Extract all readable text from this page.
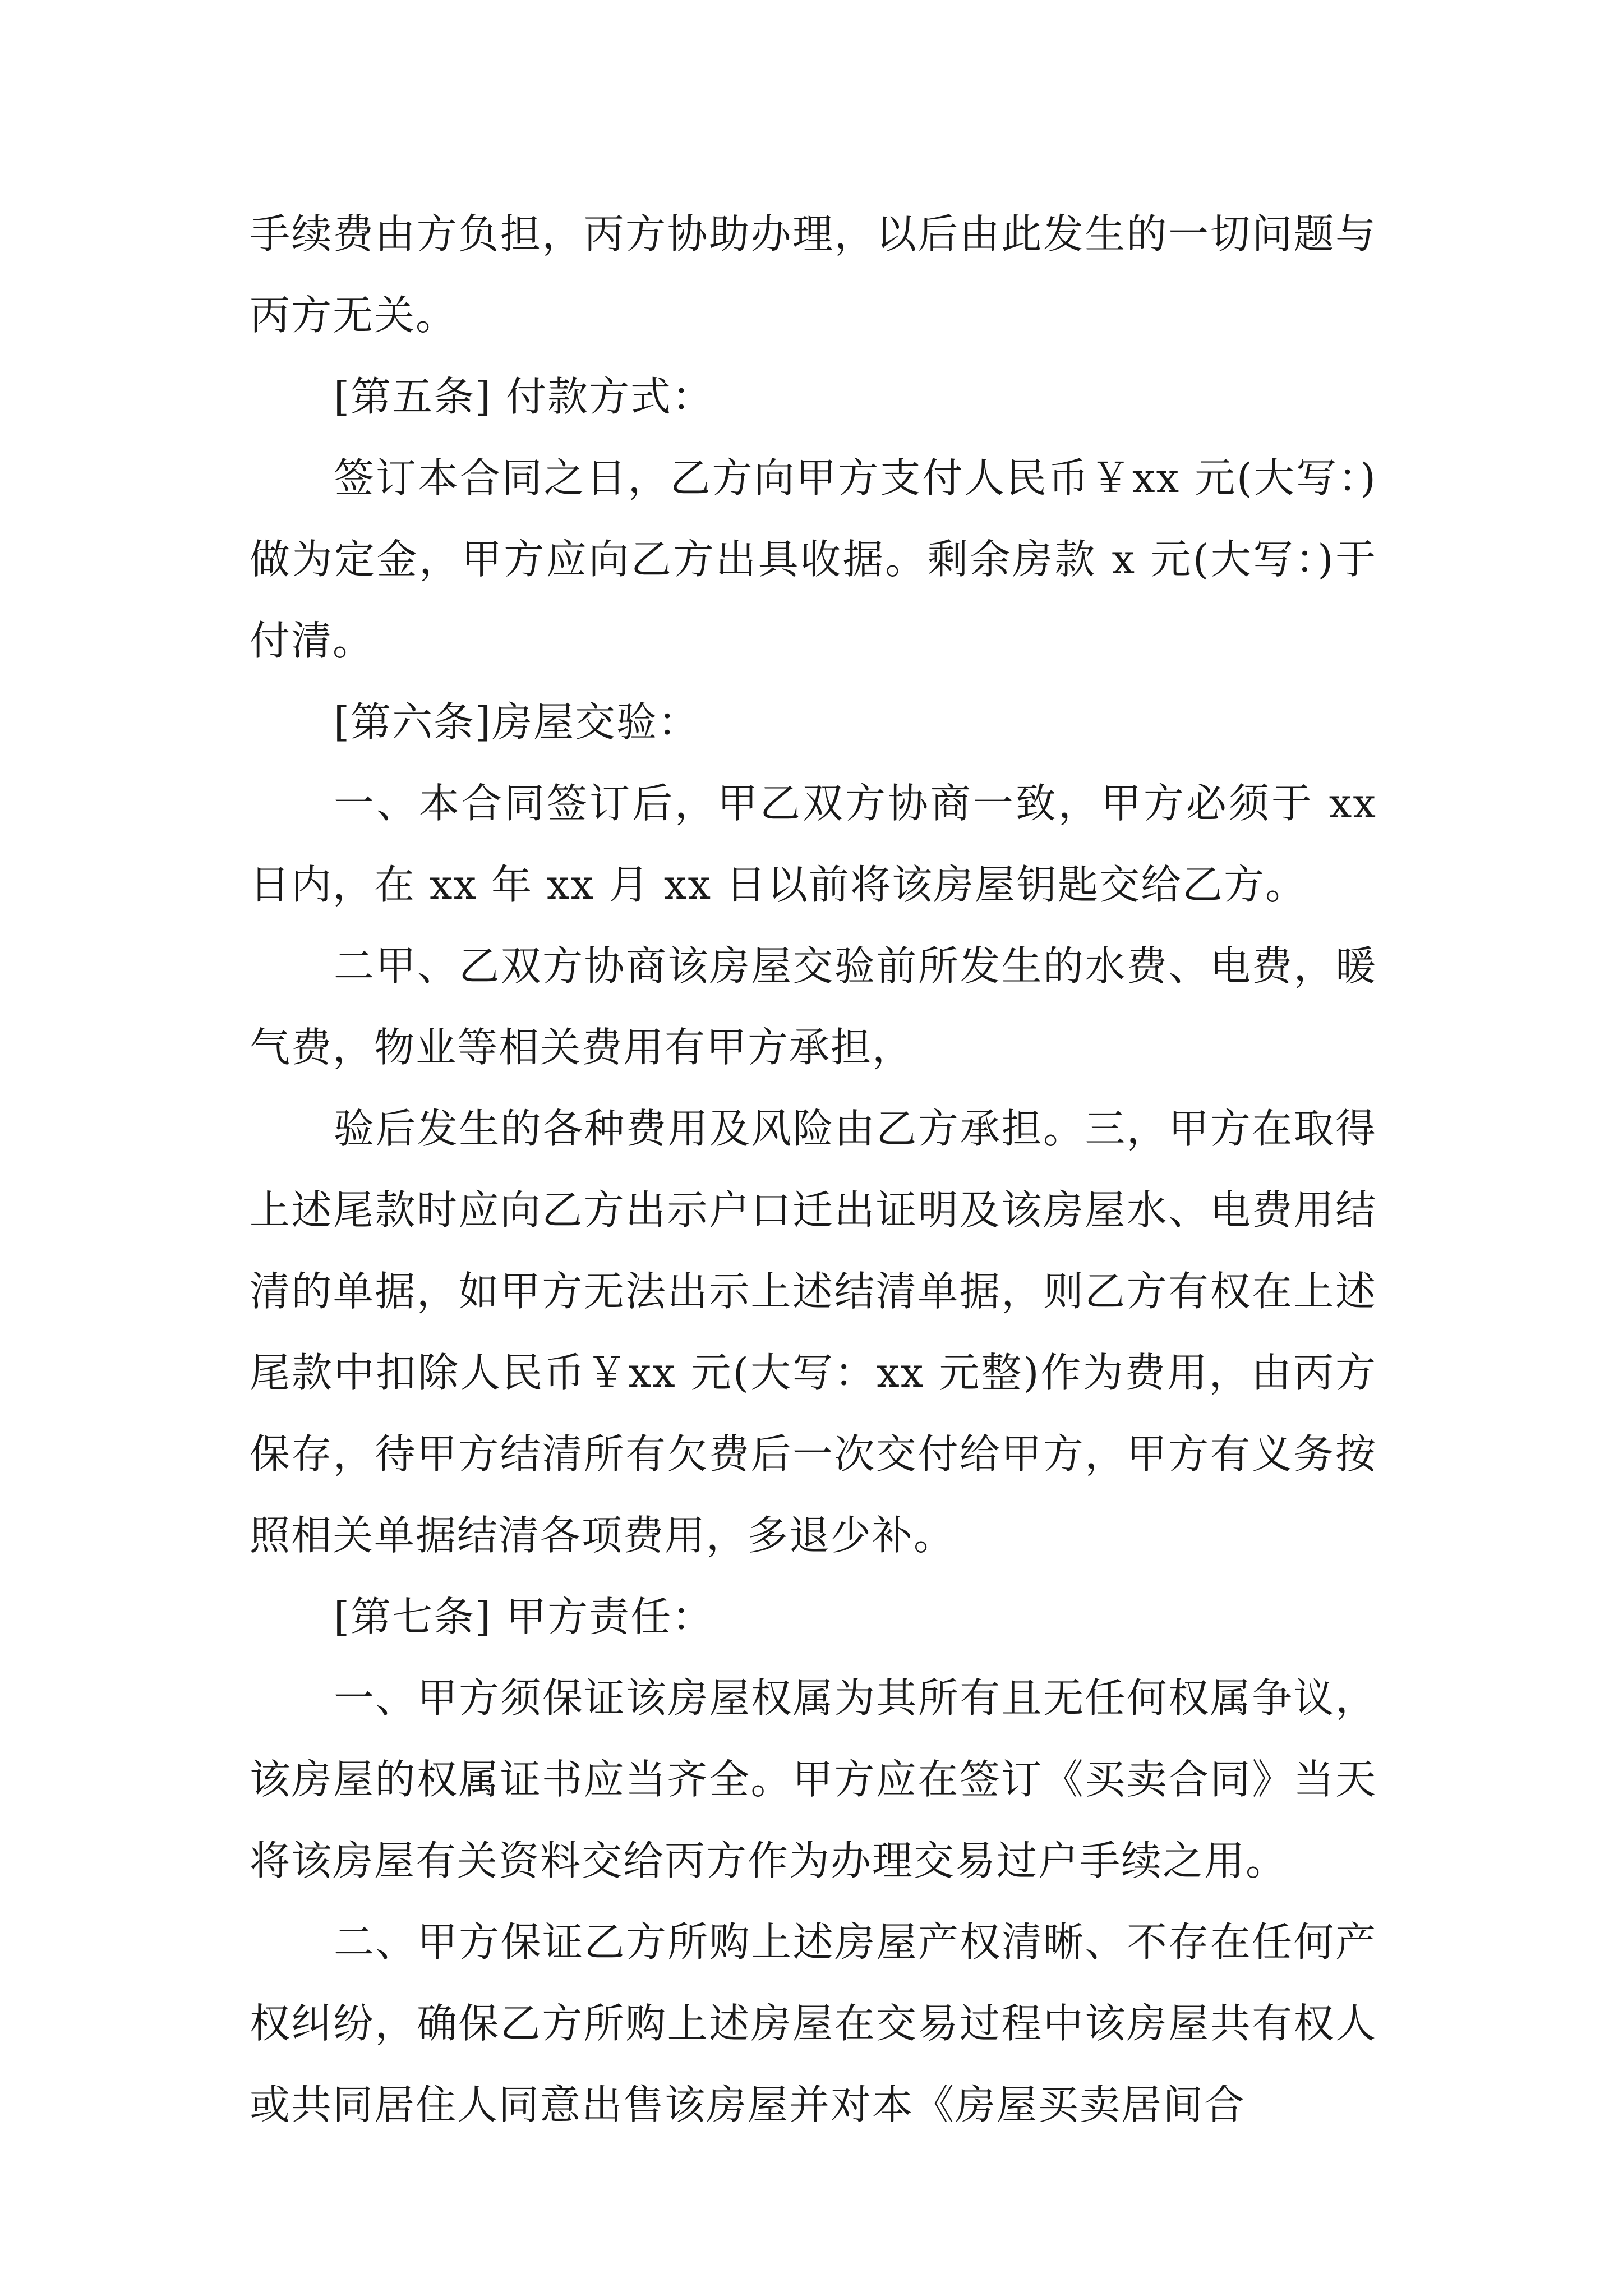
手续费由方负担，丙方协助办理，以后由此发生的一切问题与丙方无关。

[第五条] 付款方式：

签订本合同之日，乙方向甲方支付人民币￥xx 元(大写：)做为定金，甲方应向乙方出具收据。剩余房款 x 元(大写：)于付清。

[第六条]房屋交验：

一、本合同签订后，甲乙双方协商一致，甲方必须于 xx 日内，在 xx 年 xx 月 xx 日以前将该房屋钥匙交给乙方。

二甲、乙双方协商该房屋交验前所发生的水费、电费，暖气费，物业等相关费用有甲方承担，

验后发生的各种费用及风险由乙方承担。三，甲方在取得上述尾款时应向乙方出示户口迁出证明及该房屋水、电费用结清的单据，如甲方无法出示上述结清单据，则乙方有权在上述尾款中扣除人民币￥xx 元(大写：xx 元整)作为费用，由丙方保存，待甲方结清所有欠费后一次交付给甲方，甲方有义务按照相关单据结清各项费用，多退少补。

[第七条] 甲方责任：

一、甲方须保证该房屋权属为其所有且无任何权属争议，该房屋的权属证书应当齐全。甲方应在签订《买卖合同》当天将该房屋有关资料交给丙方作为办理交易过户手续之用。

二、甲方保证乙方所购上述房屋产权清晰、不存在任何产权纠纷，确保乙方所购上述房屋在交易过程中该房屋共有权人或共同居住人同意出售该房屋并对本《房屋买卖居间合
